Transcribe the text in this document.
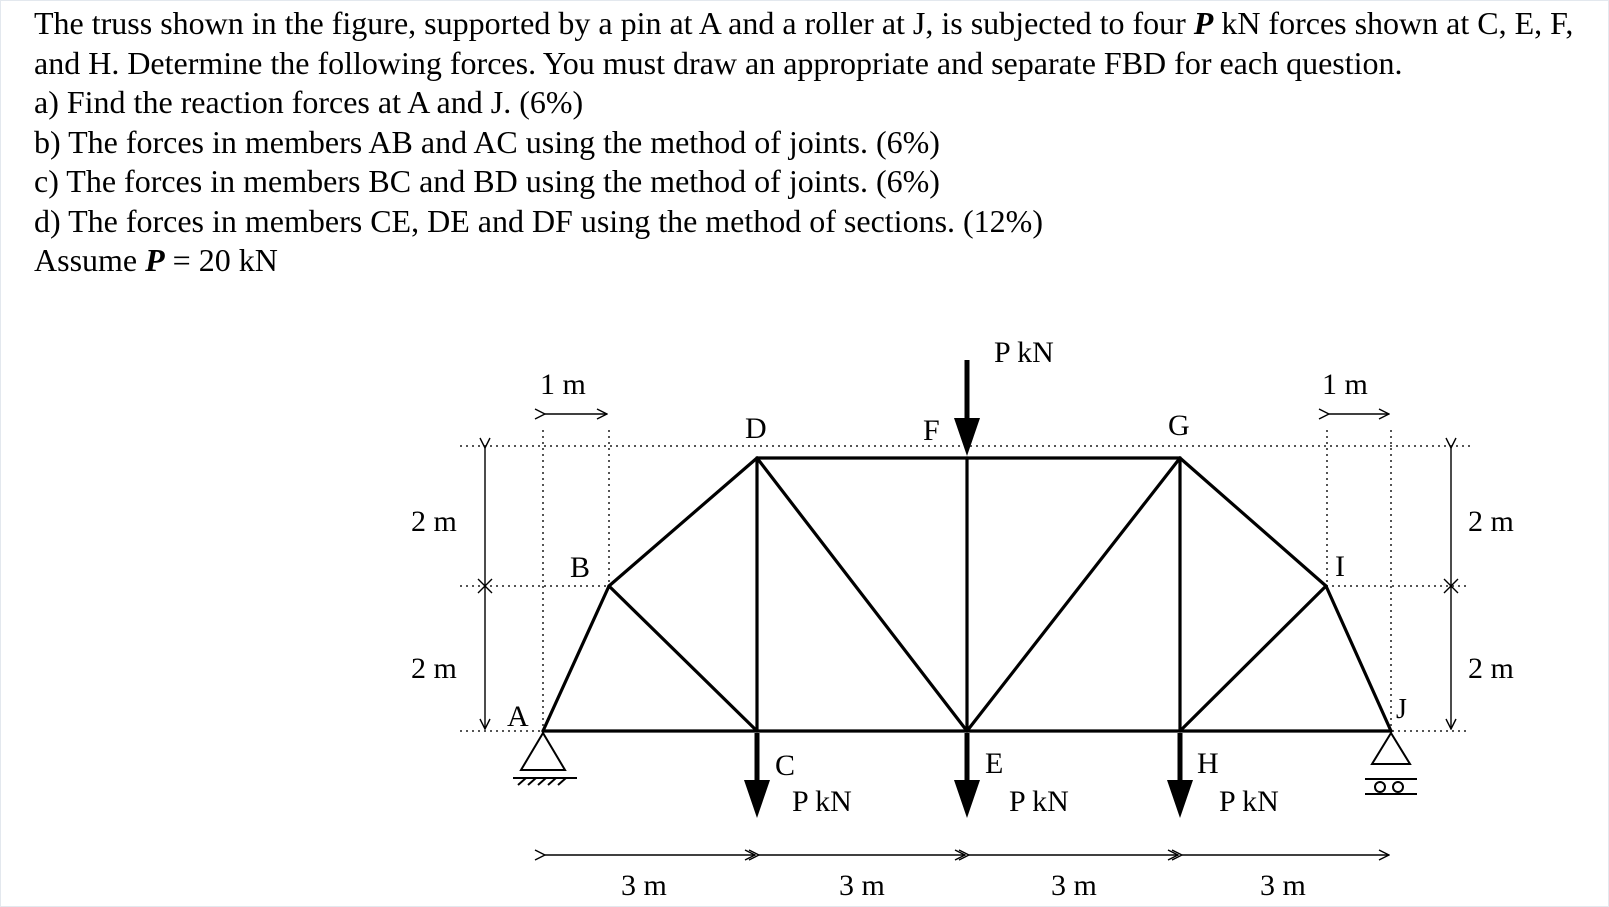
The truss shown in the figure, supported by a pin at A and a roller at J, is subjected to four P kN forces shown at C, E, F, and H. Determine the following forces. You must draw an appropriate and separate FBD for each question.

a) Find the reaction forces at A and J. (6%)

b) The forces in members AB and AC using the method of joints. (6%)

c) The forces in members BC and BD using the method of joints. (6%)

d) The forces in members CE, DE and DF using the method of sections. (12%)

Assume P = 20 kN

A
B
C
D
E
F	G
H
I
J
P kN
P kN	P kN	P kN
1 m	1 m
2 m
2 m
2 m
2 m
3 m	3 m	3 m	3 m
